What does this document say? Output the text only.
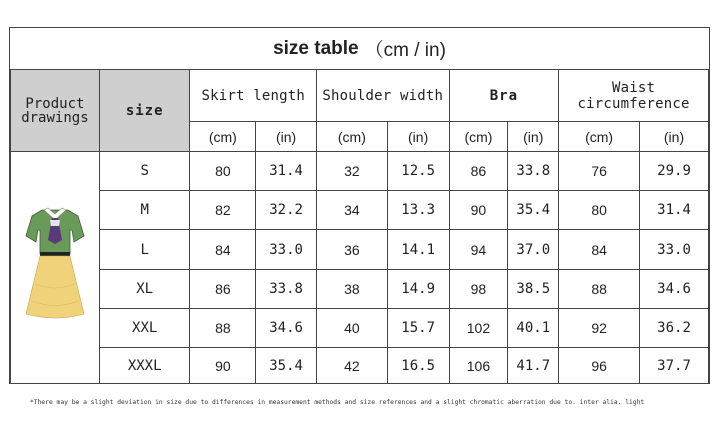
size table （cm / in)
Product
drawings	size	Skirt length		Shoulder width		Bra		Waist circumference	
		(cm)	(in)	(cm)	(in)	(cm)	(in)	(cm)	(in)
	S	80	31.4	32	12.5	86	33.8	76	29.9
	M	82	32.2	34	13.3	90	35.4	80	31.4
	L	84	33.0	36	14.1	94	37.0	84	33.0
	XL	86	33.8	38	14.9	98	38.5	88	34.6
	XXL	88	34.6	40	15.7	102	40.1	92	36.2
	XXXL	90	35.4	42	16.5	106	41.7	96	37.7
*There may be a slight deviation in size due to differences in measurement methods and size references and a slight chromatic aberration due to. inter alia. light
